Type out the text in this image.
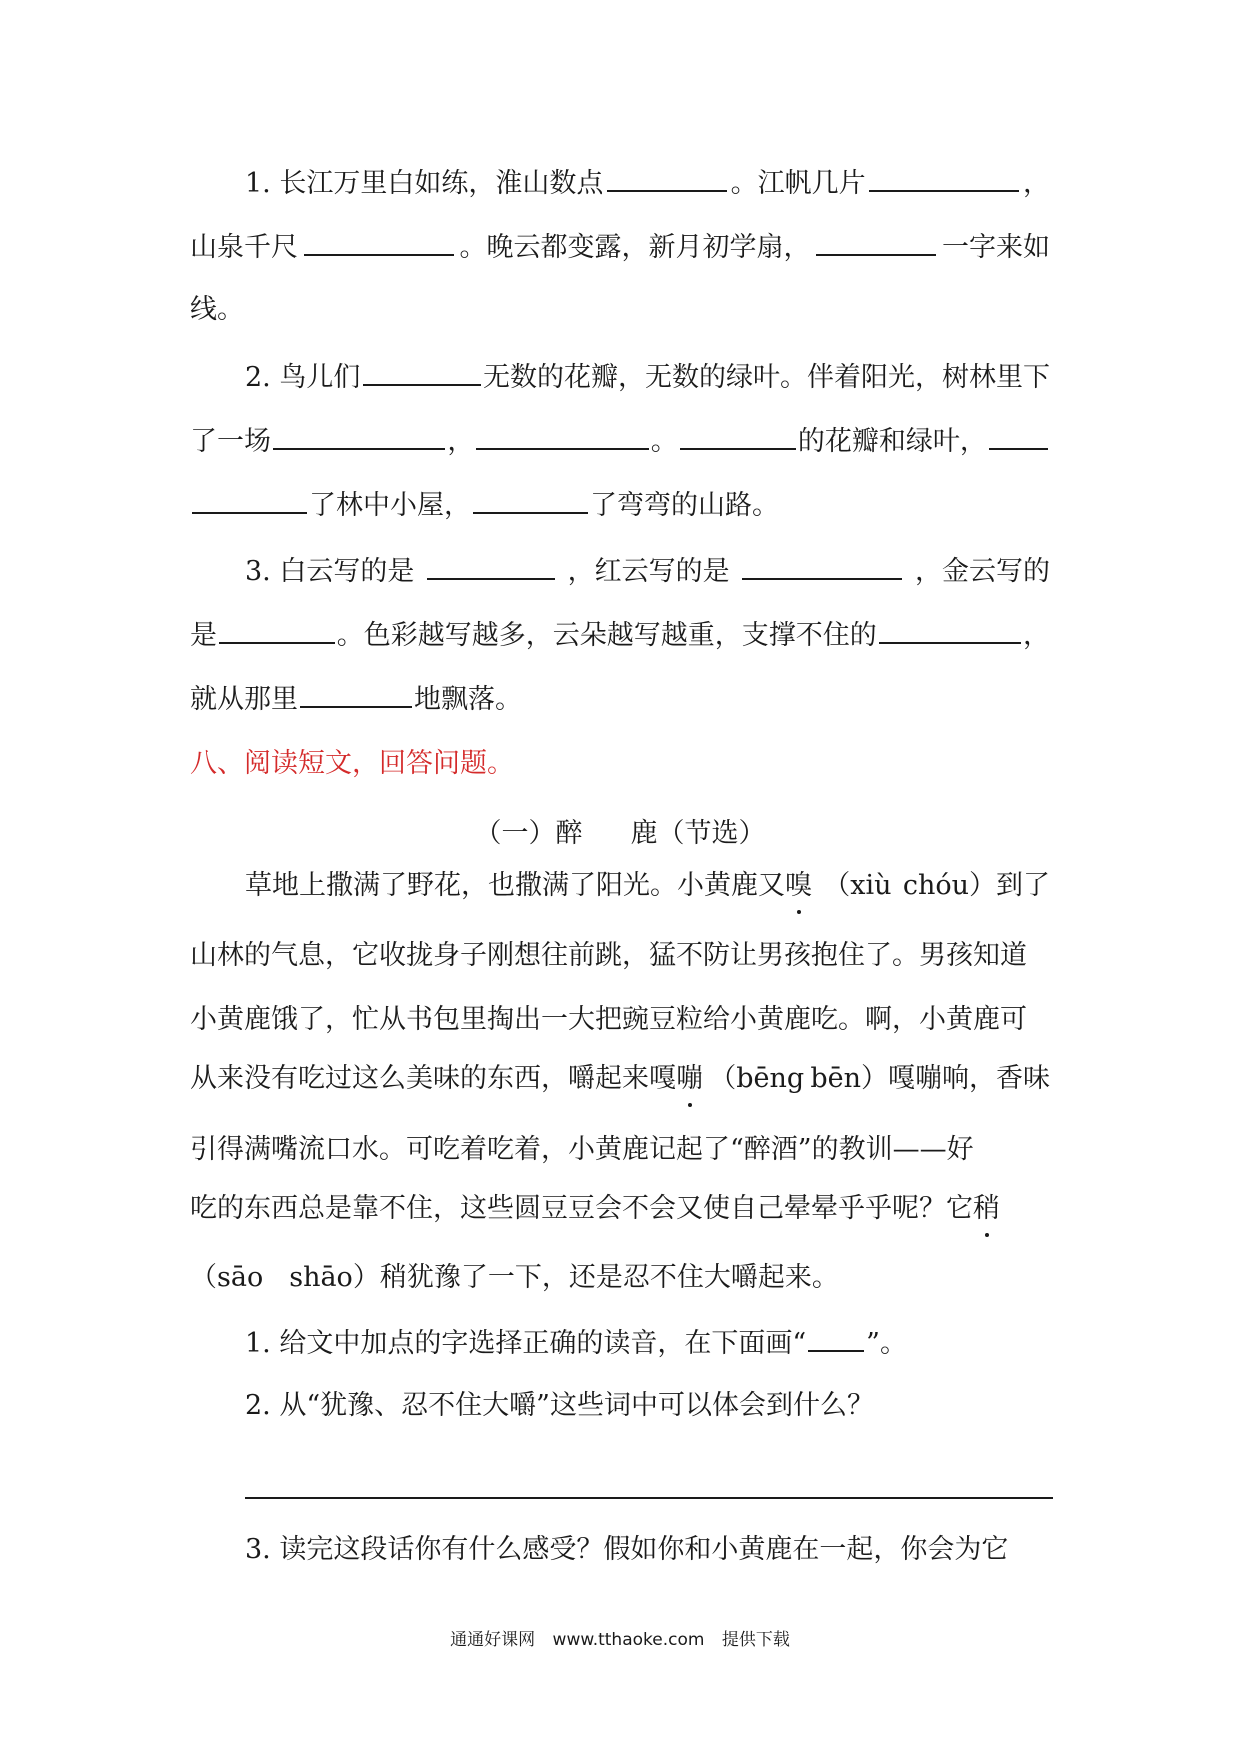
1. 长江万里白如练，淮山数点	。江帆几片	，
山泉千尺	。晚云都变露，新月初学扇，	一字来如
线。
2. 鸟儿们	无数的花瓣，无数的绿叶。伴着阳光，树林里下
了一场	，	。	的花瓣和绿叶，
了林中小屋，	了弯弯的山路。
3. 白云写的是	，红云写的是	，金云写的
是	。色彩越写越多，云朵越写越重，支撑不住的	，
就从那里	地飘落。
八、阅读短文，回答问题。
（一）醉 鹿（节选）
草地上撒满了野花，也撒满了阳光。小黄鹿又嗅 （xiù chóu）到了
山林的气息，它收拢身子刚想往前跳，猛不防让男孩抱住了。男孩知道
小黄鹿饿了，忙从书包里掏出一大把豌豆粒给小黄鹿吃。啊，小黄鹿可
从来没有吃过这么美味的东西，嚼起来嘎嘣 （bēng bēn）嘎嘣响，香味
引得满嘴流口水。可吃着吃着，小黄鹿记起了“醉酒”的教训——好
吃的东西总是靠不住，这些圆豆豆会不会又使自己晕晕乎乎呢？它稍
（sāo shāo）稍犹豫了一下，还是忍不住大嚼起来。
1. 给文中加点的字选择正确的读音，在下面画“ ”。
2. 从“犹豫、忍不住大嚼”这些词中可以体会到什么？
3. 读完这段话你有什么感受？假如你和小黄鹿在一起，你会为它
通通好课网 www.tthaoke.com 提供下载
